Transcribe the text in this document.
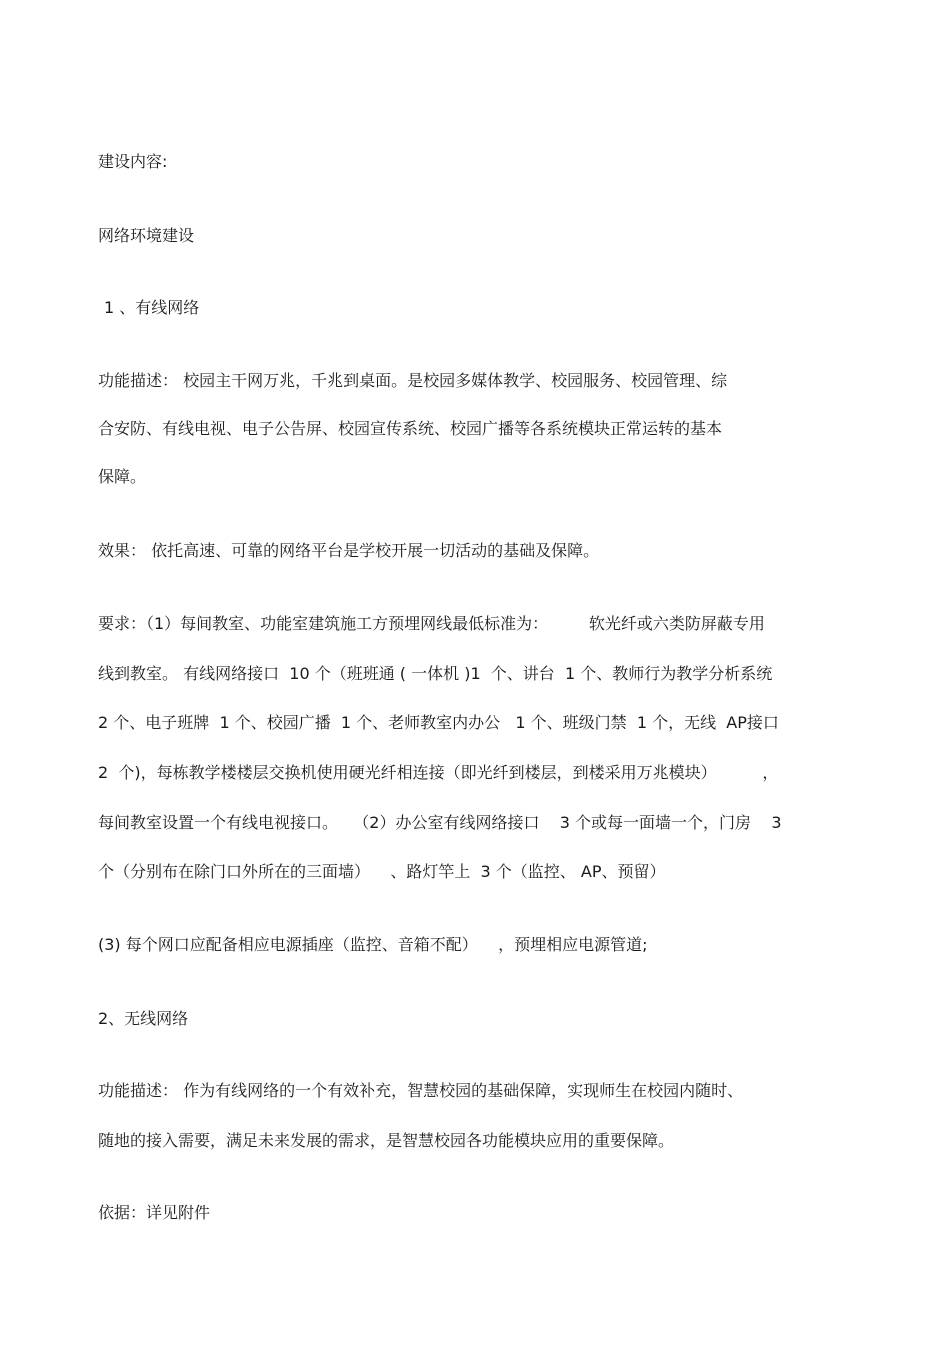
建设内容:
网络环境建设
1 、有线网络
功能描述： 校园主干网万兆，千兆到桌面。是校园多媒体教学、校园服务、校园管理、综
合安防、有线电视、电子公告屏、校园宣传系统、校园广播等各系统模块正常运转的基本
保障。
效果： 依托高速、可靠的网络平台是学校开展一切活动的基础及保障。
要求：（1）每间教室、功能室建筑施工方预埋网线最低标准为：        软光纤或六类防屏蔽专用
线到教室。 有线网络接口  10 个（班班通 ( 一体机 )1  个、讲台  1 个、教师行为教学分析系统
2 个、电子班牌  1 个、校园广播  1 个、老师教室内办公   1 个、班级门禁  1 个，无线  AP接口
2  个)，每栋教学楼楼层交换机使用硬光纤相连接（即光纤到楼层，到楼采用万兆模块）         ，
每间教室设置一个有线电视接口。   （2）办公室有线网络接口    3 个或每一面墙一个，门房    3
个（分别布在除门口外所在的三面墙）    、路灯竿上  3 个（监控、 AP、预留）
(3) 每个网口应配备相应电源插座（监控、音箱不配）    ，预埋相应电源管道;
2、无线网络
功能描述： 作为有线网络的一个有效补充，智慧校园的基础保障，实现师生在校园内随时、
随地的接入需要，满足未来发展的需求，是智慧校园各功能模块应用的重要保障。
依据：详见附件
